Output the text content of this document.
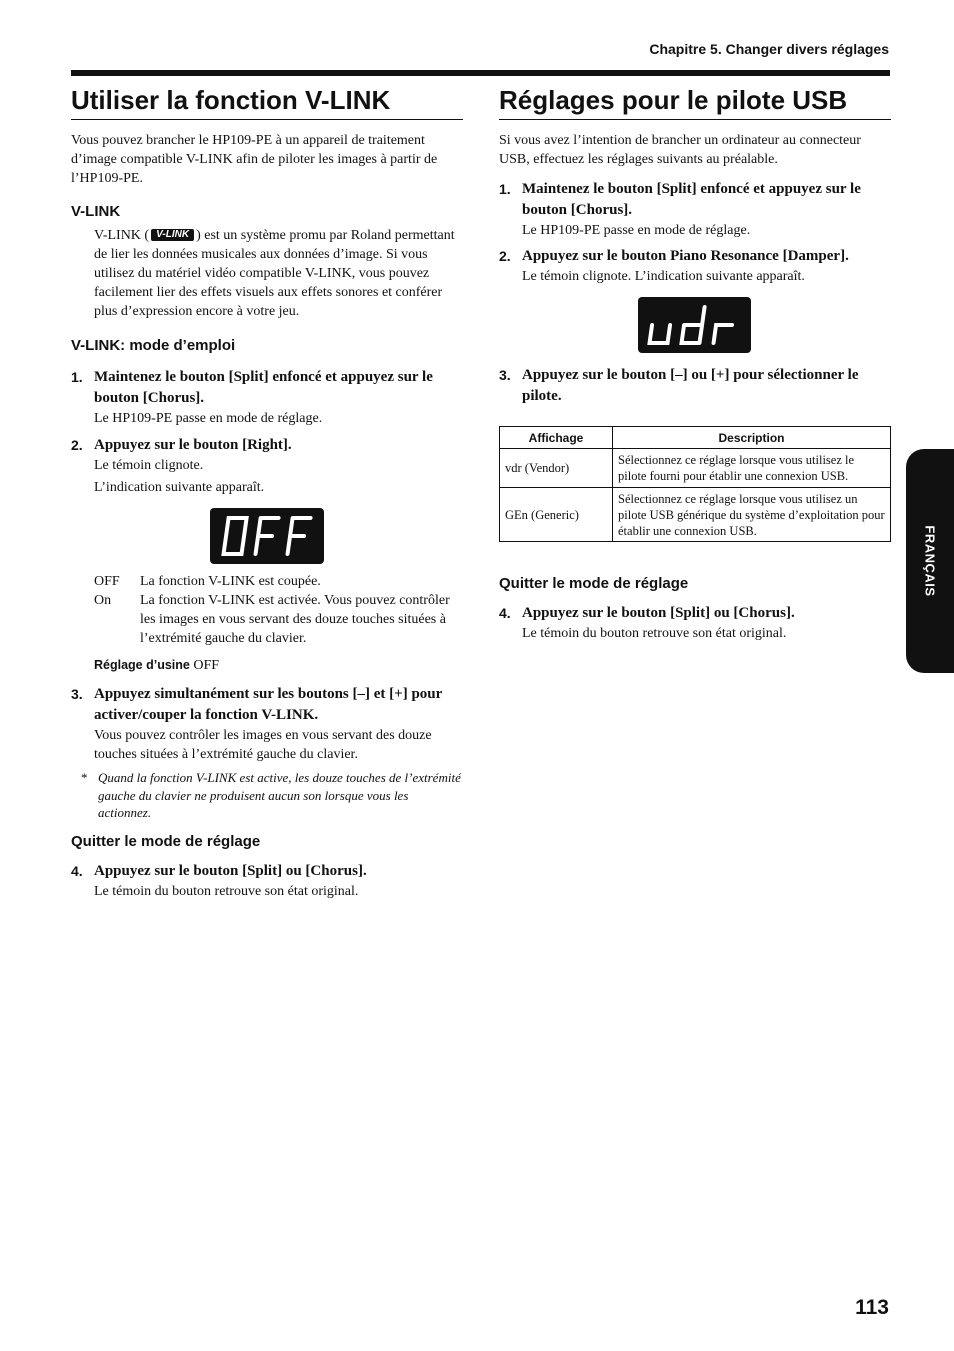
Chapitre 5. Changer divers réglages
Utiliser la fonction V-LINK

Vous pouvez brancher le HP109-PE à un appareil de traitement d’image compatible V-LINK afin de piloter les images à partir de l’HP109-PE.

V-LINK

V-LINK ( V-LINK ) est un système promu par Roland permettant de lier les données musicales aux données d’image. Si vous utilisez du matériel vidéo compatible V-LINK, vous pouvez facilement lier des effets visuels aux effets sonores et conférer plus d’expression encore à votre jeu.

V-LINK: mode d’emploi
1. Maintenez le bouton [Split] enfoncé et appuyez sur le bouton [Chorus].

Le HP109-PE passe en mode de réglage.

2. Appuyez sur le bouton [Right].

Le témoin clignote.

L’indication suivante apparaît.

OFF	La fonction V-LINK est coupée.
On	La fonction V-LINK est activée. Vous pouvez contrôler les images en vous servant des douze touches situées à l’extrémité gauche du clavier.

Réglage d’usine OFF

3. Appuyez simultanément sur les boutons [–] et [+] pour activer/couper la fonction V-LINK.

Vous pouvez contrôler les images en vous servant des douze touches situées à l’extrémité gauche du clavier.

* Quand la fonction V-LINK est active, les douze touches de l’extrémité gauche du clavier ne produisent aucun son lorsque vous les actionnez.
Quitter le mode de réglage
4. Appuyez sur le bouton [Split] ou [Chorus].

Le témoin du bouton retrouve son état original.

Réglages pour le pilote USB

Si vous avez l’intention de brancher un ordinateur au connecteur USB, effectuez les réglages suivants au préalable.

1. Maintenez le bouton [Split] enfoncé et appuyez sur le bouton [Chorus].

Le HP109-PE passe en mode de réglage.

2. Appuyez sur le bouton Piano Resonance [Damper].

Le témoin clignote. L’indication suivante apparaît.

3. Appuyez sur le bouton [–] ou [+] pour sélectionner le pilote.
Affichage	Description
vdr (Vendor)	Sélectionnez ce réglage lorsque vous utilisez le pilote fourni pour établir une connexion USB.
GEn (Generic)	Sélectionnez ce réglage lorsque vous utilisez un pilote USB générique du système d’exploitation pour établir une connexion USB.
Quitter le mode de réglage
4. Appuyez sur le bouton [Split] ou [Chorus].

Le témoin du bouton retrouve son état original.

FRANÇAIS
113
